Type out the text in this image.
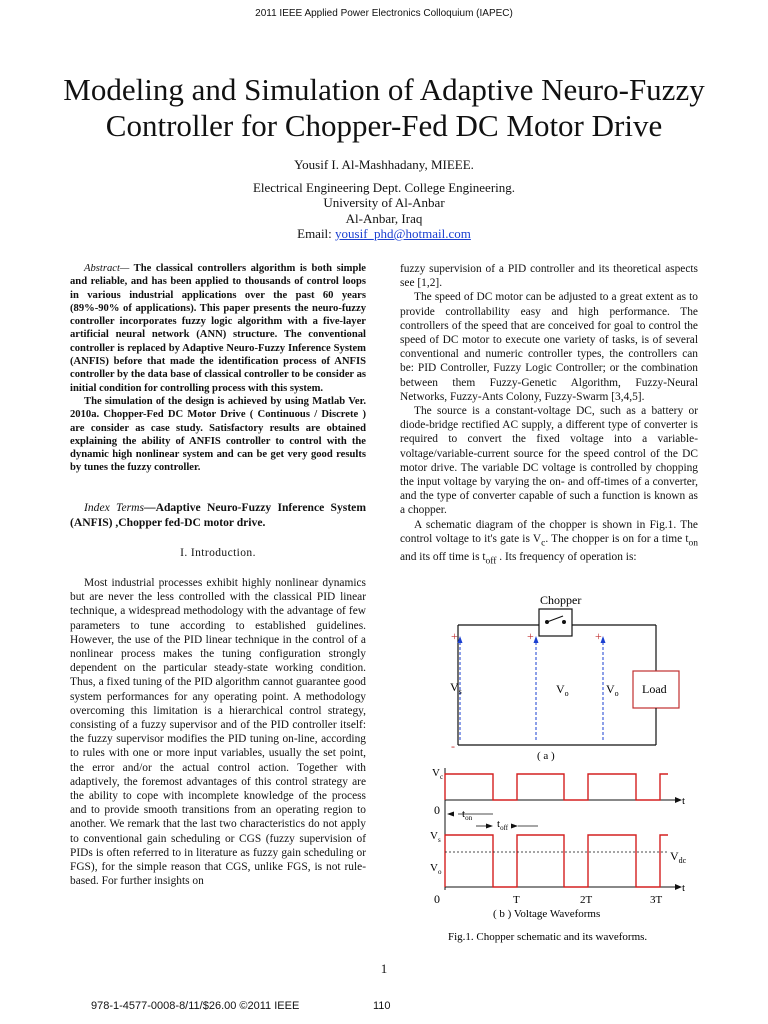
2011 IEEE Applied Power Electronics Colloquium (IAPEC)
Modeling and Simulation of Adaptive Neuro-Fuzzy
Controller for Chopper-Fed DC Motor Drive
Yousif I. Al-Mashhadany, MIEEE.
Electrical Engineering Dept. College Engineering.
University of Al-Anbar
Al-Anbar, Iraq
Email: yousif_phd@hotmail.com

Abstract— The classical controllers algorithm is both simple and reliable, and has been applied to thousands of control loops in various industrial applications over the past 60 years (89%-90% of applications). This paper presents the neuro-fuzzy controller incorporates fuzzy logic algorithm with a five-layer artificial neural network (ANN) structure. The conventional controller is replaced by Adaptive Neuro-Fuzzy Inference System (ANFIS) before that made the identification process of ANFIS controller by the data base of classical controller to be consider as initial condition for controlling process with this system.

The simulation of the design is achieved by using Matlab Ver. 2010a. Chopper-Fed DC Motor Drive ( Continuous / Discrete ) are consider as case study. Satisfactory results are obtained explaining the ability of ANFIS controller to control with the dynamic high nonlinear system and can be get very good results by tunes the fuzzy controller.

Index Terms—Adaptive Neuro-Fuzzy Inference System (ANFIS) ,Chopper fed-DC motor drive.

I. Introduction.

Most industrial processes exhibit highly nonlinear dynamics but are never the less controlled with the classical PID linear technique, a widespread methodology with the advantage of few parameters to tune according to established guidelines. However, the use of the PID linear technique in the control of a nonlinear process makes the tuning configuration strongly dependent on the particular steady-state working condition. Thus, a fixed tuning of the PID algorithm cannot guarantee good system performances for any operating point. A methodology overcoming this limitation is a hierarchical control strategy, consisting of a fuzzy supervisor and of the PID controller itself: the fuzzy supervisor modifies the PID tuning on-line, according to rules with one or more input variables, usually the set point, the error and/or the actual control action. Together with adaptively, the foremost advantages of this control strategy are the ability to cope with incomplete knowledge of the process and to provide smooth transitions from an operating region to another. We remark that the last two characteristics do not apply to conventional gain scheduling or CGS (fuzzy supervision of PIDs is often referred to in literature as fuzzy gain scheduling or FGS), for the simple reason that CGS, unlike FGS, is not rule-based. For further insights on

fuzzy supervision of a PID controller and its theoretical aspects see [1,2].

The speed of DC motor can be adjusted to a great extent as to provide controllability easy and high performance. The controllers of the speed that are conceived for goal to control the speed of DC motor to execute one variety of tasks, is of several conventional and numeric controller types, the controllers can be: PID Controller, Fuzzy Logic Controller; or the combination between them Fuzzy-Genetic Algorithm, Fuzzy-Neural Networks, Fuzzy-Ants Colony, Fuzzy-Swarm [3,4,5].

The source is a constant-voltage DC, such as a battery or diode-bridge rectified AC supply, a different type of converter is required to convert the fixed voltage into a variable-voltage/variable-current source for the speed control of the DC motor drive. The variable DC voltage is controlled by chopping the input voltage by varying the on- and off-times of a converter, and the type of converter capable of such a function is known as a chopper.

A schematic diagram of the chopper is shown in Fig.1. The control voltage to it's gate is $V_c$. The chopper is on for a time $t_{on}$ and its off time is $t_{off}$ . Its frequency of operation is:

Chopper
Load
+	+	+
-
$V_s$	$V_o$	$V_o$
( a )
$V_c$
t
0 $t_{on}$ $t_{off}$
$V_s$
$V_o$
t
0
$V_{dc}$
T	2T	3T
( b ) Voltage Waveforms
Fig.1. Chopper schematic and its waveforms.
1
978-1-4577-0008-8/11/$26.00 ©2011 IEEE	110
